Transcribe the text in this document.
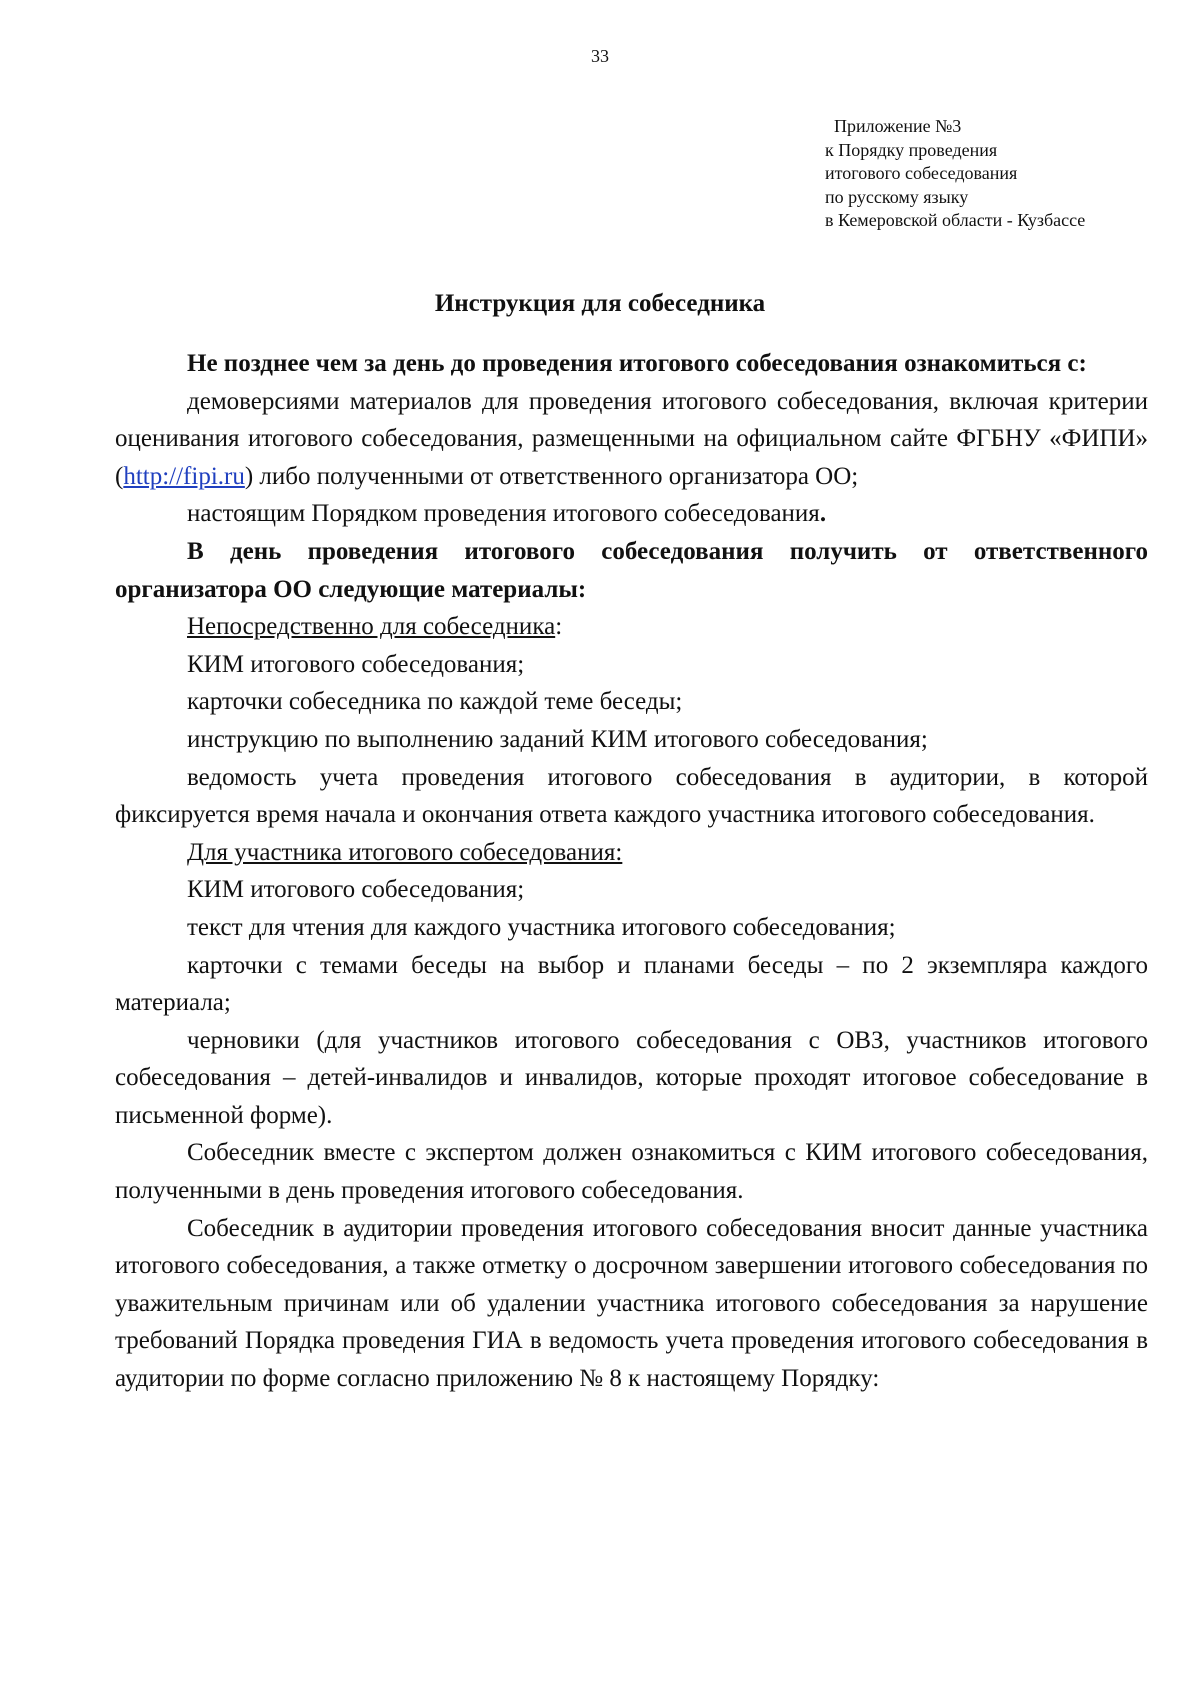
33
Приложение №3
к Порядку проведения
итогового собеседования
по русскому языку
в Кемеровской области - Кузбассе
Инструкция для собеседника

Не позднее чем за день до проведения итогового собеседования ознакомиться с:

демоверсиями материалов для проведения итогового собеседования, включая критерии оценивания итогового собеседования, размещенными на официальном сайте ФГБНУ «ФИПИ» (http://fipi.ru) либо полученными от ответственного организатора ОО;

настоящим Порядком проведения итогового собеседования.

В день проведения итогового собеседования получить от ответственного организатора ОО следующие материалы:

Непосредственно для собеседника:

КИМ итогового собеседования;

карточки собеседника по каждой теме беседы;

инструкцию по выполнению заданий КИМ итогового собеседования;

ведомость учета проведения итогового собеседования в аудитории, в которой фиксируется время начала и окончания ответа каждого участника итогового собеседования.

Для участника итогового собеседования:

КИМ итогового собеседования;

текст для чтения для каждого участника итогового собеседования;

карточки с темами беседы на выбор и планами беседы – по 2 экземпляра каждого материала;

черновики (для участников итогового собеседования с ОВЗ, участников итогового собеседования – детей-инвалидов и инвалидов, которые проходят итоговое собеседование в письменной форме).

Собеседник вместе с экспертом должен ознакомиться с КИМ итогового собеседования, полученными в день проведения итогового собеседования.

Собеседник в аудитории проведения итогового собеседования вносит данные участника итогового собеседования, а также отметку о досрочном завершении итогового собеседования по уважительным причинам или об удалении участника итогового собеседования за нарушение требований Порядка проведения ГИА в ведомость учета проведения итогового собеседования в аудитории по форме согласно приложению № 8 к настоящему Порядку:
